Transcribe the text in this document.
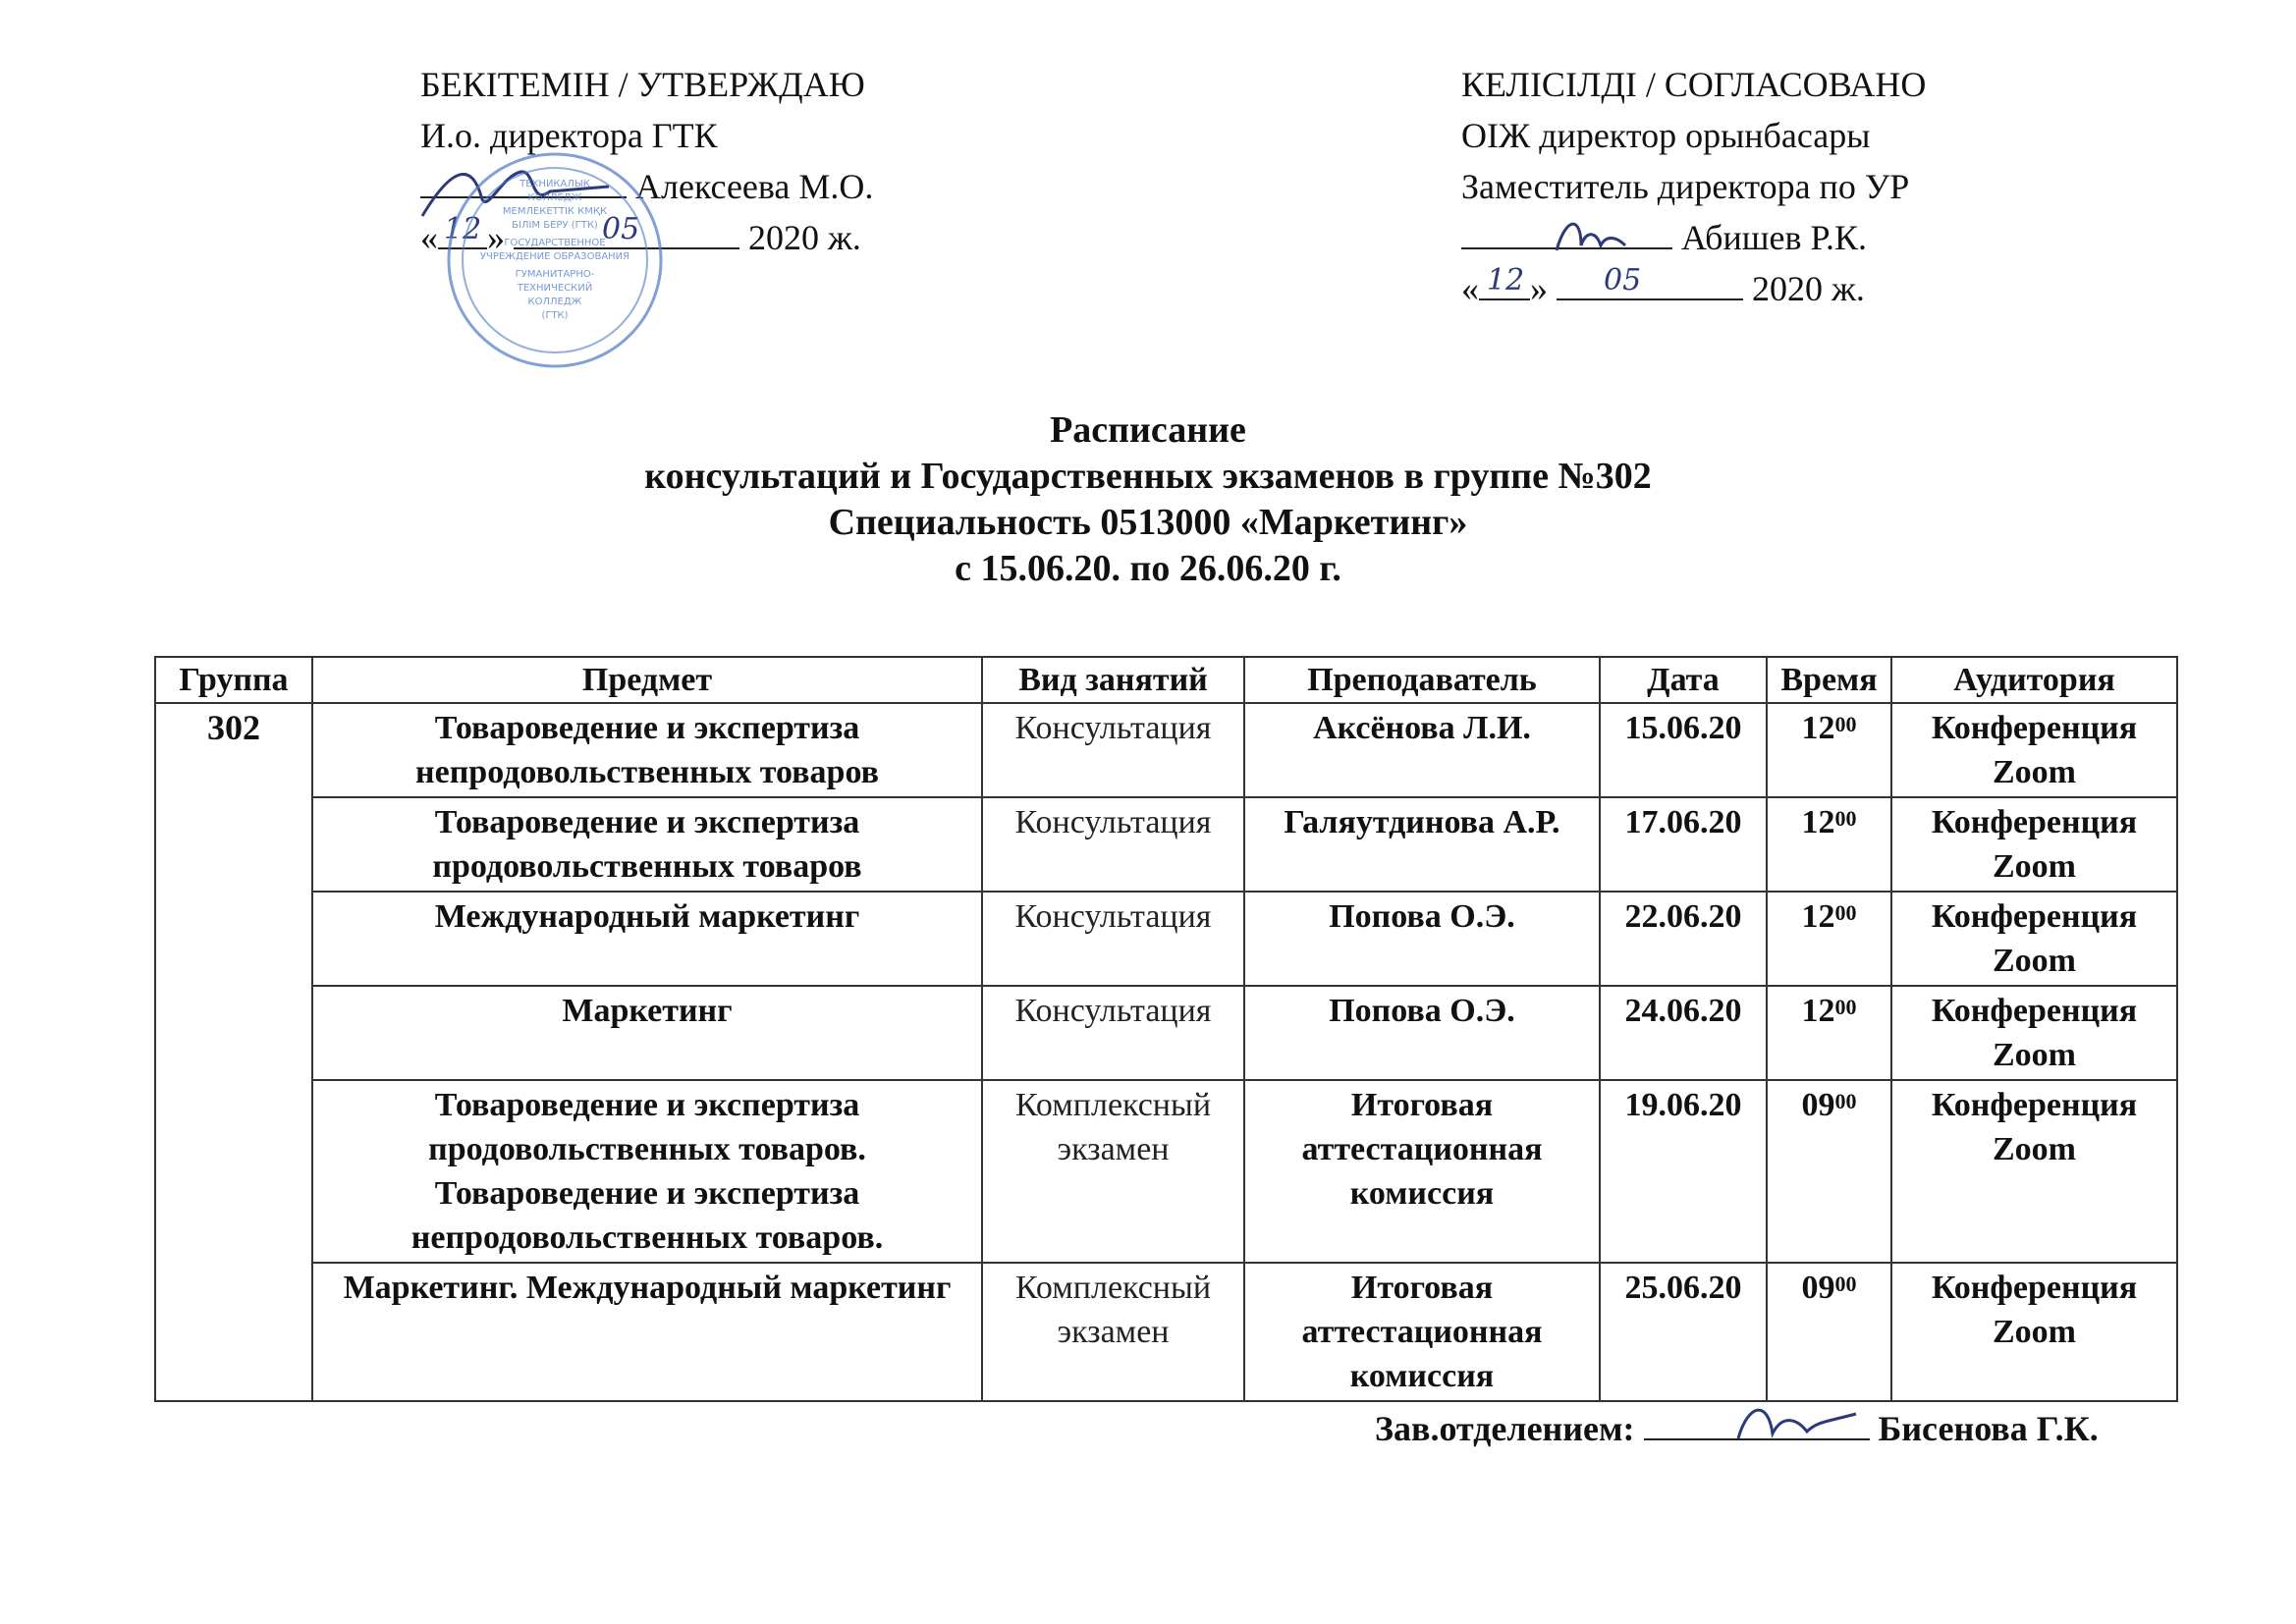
БЕКІТЕМІН / УТВЕРЖДАЮ
И.о. директора ГТК
Алексеева М.О.
« 12 »	05	2020 ж.
ТЕХНИКАЛЫҚ
КОЛЛЕДЖ
МЕМЛЕКЕТТІК КМҚК
БІЛІМ БЕРУ (ГТК)
ГОСУДАРСТВЕННОЕ
УЧРЕЖДЕНИЕ ОБРАЗОВАНИЯ
ГУМАНИТАРНО-
ТЕХНИЧЕСКИЙ
КОЛЛЕДЖ
(ГТК)
КЕЛІСІЛДІ / СОГЛАСОВАНО
ОІЖ директор орынбасары
Заместитель директора по УР
Абишев Р.К.
« 12 » 05	2020 ж.
Расписание
консультаций и Государственных экзаменов в группе №302
Специальность 0513000 «Маркетинг»
с 15.06.20. по 26.06.20 г.
Группа	Предмет	Вид занятий	Преподаватель	Дата	Время	Аудитория
302	Товароведение и экспертиза непродовольственных товаров	Консультация	Аксёнова Л.И.	15.06.20	$12^{00}$	Конференция Zoom
	Товароведение и экспертиза продовольственных товаров	Консультация	Галяутдинова А.Р.	17.06.20	$12^{00}$	Конференция Zoom
	Международный маркетинг	Консультация	Попова О.Э.	22.06.20	$12^{00}$	Конференция Zoom
	Маркетинг	Консультация	Попова О.Э.	24.06.20	$12^{00}$	Конференция Zoom
	Товароведение и экспертиза продовольственных товаров. Товароведение и экспертиза непродовольственных товаров.	Комплексный экзамен	Итоговая аттестационная комиссия	19.06.20	$09^{00}$	Конференция Zoom
	Маркетинг. Международный маркетинг	Комплексный экзамен	Итоговая аттестационная комиссия	25.06.20	$09^{00}$	Конференция Zoom
Зав.отделением:	Бисенова Г.К.
